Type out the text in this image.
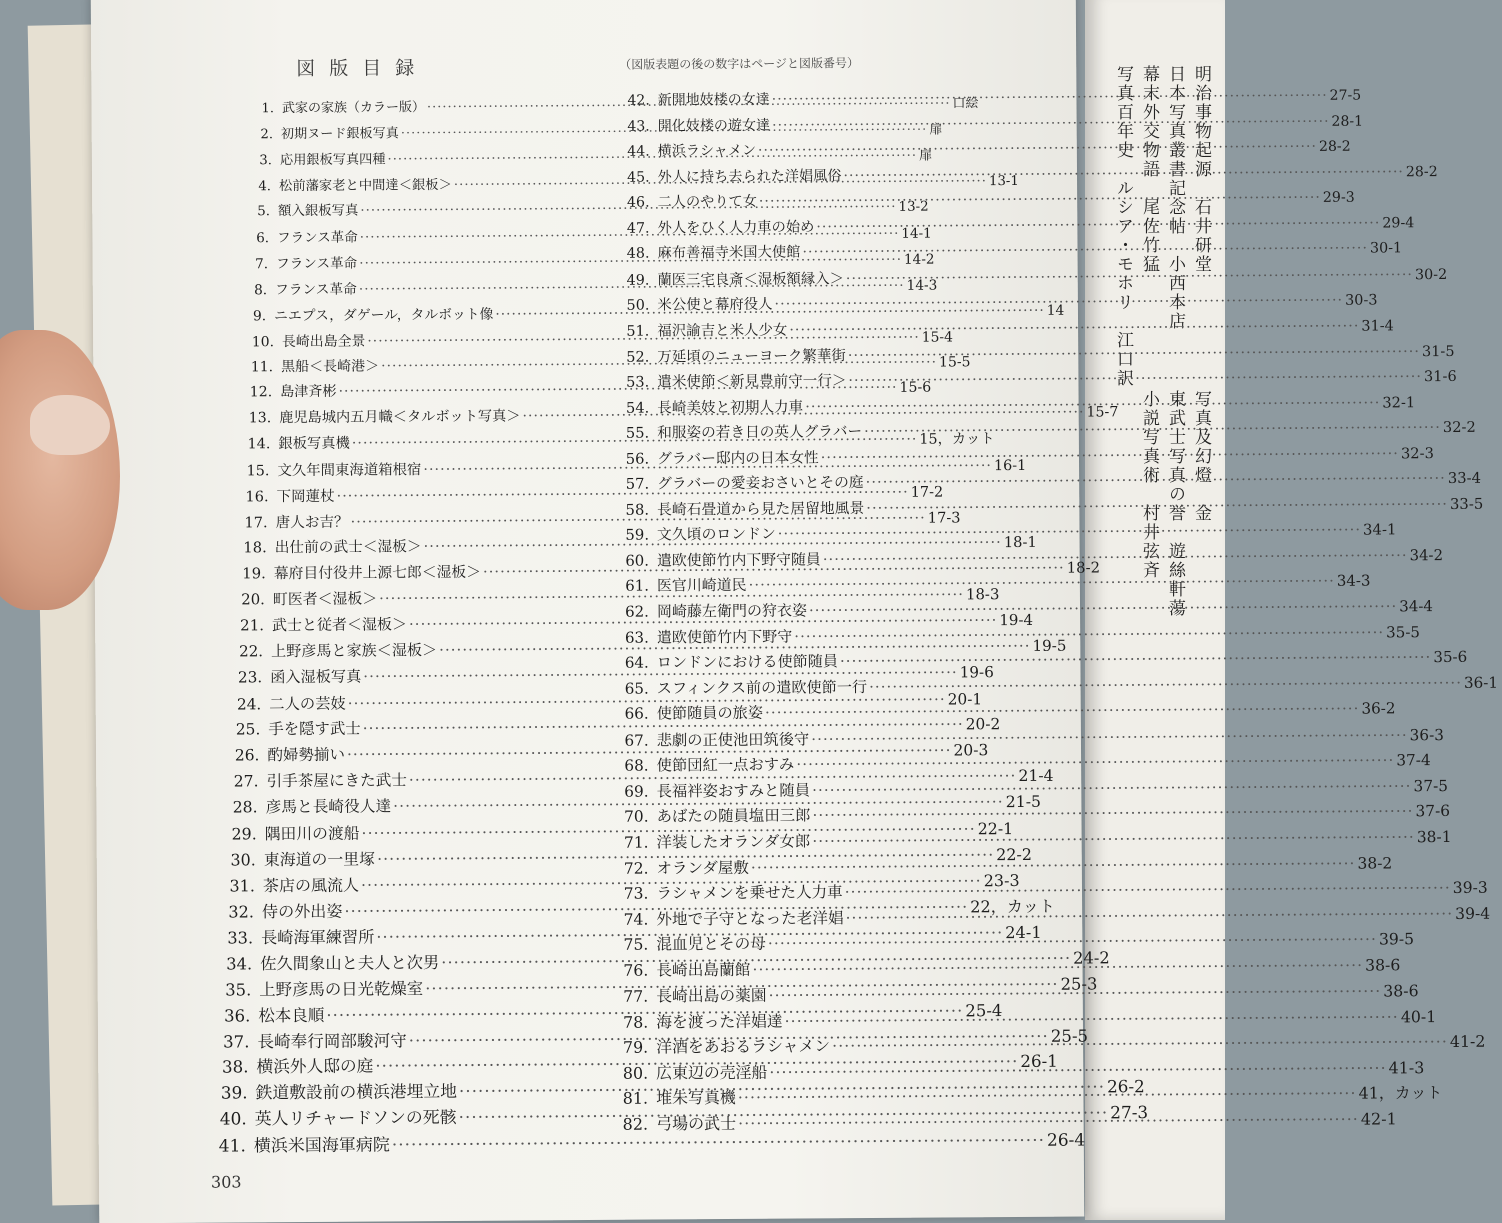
明治事物起源　石井研堂
日本写真叢書記念帖　小西本店
幕末外交物語　尾佐竹猛
写真百年史　ルシア・モホリ　江口訳
写真及幻燈　金
東武士写真の誉　遊絲軒蕩
小説写真術　村井弦斉
図版目録	（図版表題の後の数字はページと図版番号）
1. 武家の家族（カラー版） ·····	口絵
2. 初期ヌード銀板写真 ·····	扉
3. 応用銀板写真四種 ·····	扉
4. 松前藩家老と中間達＜銀板＞ ·····	13-1
5. 額入銀板写真 ·····	13-2
6. フランス革命 ·····	14-1
7. フランス革命 ·····	14-2
8. フランス革命 ·····	14-3
9. ニエプス，ダゲール，タルボット像 ·····	14
10. 長崎出島全景 ·····	15-4
11. 黒船＜長崎港＞ ·····	15-5
12. 島津斉彬 ·····	15-6
13. 鹿児島城内五月幟＜タルボット写真＞ ·····	15-7
14. 銀板写真機 ·····	15，カット
15. 文久年間東海道箱根宿 ·····	16-1
16. 下岡蓮杖 ·····	17-2
17. 唐人お吉？ ·····	17-3
18. 出仕前の武士＜湿板＞ ·····	18-1
19. 幕府目付役井上源七郎＜湿板＞ ·····	18-2
20. 町医者＜湿板＞ ·····	18-3
21. 武士と従者＜湿板＞ ·····	19-4
22. 上野彦馬と家族＜湿板＞ ·····	19-5
23. 函入湿板写真 ·····	19-6
24. 二人の芸妓 ·····	20-1
25. 手を隠す武士 ·····	20-2
26. 酌婦勢揃い ·····	20-3
27. 引手茶屋にきた武士 ·····	21-4
28. 彦馬と長崎役人達 ·····	21-5
29. 隅田川の渡船 ·····	22-1
30. 東海道の一里塚 ·····	22-2
31. 茶店の風流人 ·····	23-3
32. 侍の外出姿 ·····	22，カット
33. 長崎海軍練習所 ·····	24-1
34. 佐久間象山と夫人と次男 ·····	24-2
35. 上野彦馬の日光乾燥室 ·····	25-3
36. 松本良順 ·····	25-4
37. 長崎奉行岡部駿河守 ·····	25-5
38. 横浜外人邸の庭 ·····	26-1
39. 鉄道敷設前の横浜港埋立地 ·····	26-2
40. 英人リチャードソンの死骸 ·····	27-3
41. 横浜米国海軍病院 ·····	26-4
42. 新開地妓楼の女達 ·····	27-5
43. 開化妓楼の遊女達 ·····	28-1
44. 横浜ラシャメン ·····	28-2
45. 外人に持ち去られた洋娼風俗 ·····	28-2
46. 二人のやりて女 ·····	29-3
47. 外人をひく人力車の始め ·····	29-4
48. 麻布善福寺米国大使館 ·····	30-1
49. 蘭医三宅良斎＜湿板額縁入＞ ·····	30-2
50. 米公使と幕府役人 ·····	30-3
51. 福沢諭吉と米人少女 ·····	31-4
52. 万延頃のニューヨーク繁華街 ·····	31-5
53. 遣米使節＜新見豊前守一行＞ ·····	31-6
54. 長崎美妓と初期人力車 ·····	32-1
55. 和服姿の若き日の英人グラバー ·····	32-2
56. グラバー邸内の日本女性 ·····	32-3
57. グラバーの愛妾おさいとその庭 ·····	33-4
58. 長崎石畳道から見た居留地風景 ·····	33-5
59. 文久頃のロンドン ·····	34-1
60. 遣欧使節竹内下野守随員 ·····	34-2
61. 医官川崎道民 ·····	34-3
62. 岡崎藤左衛門の狩衣姿 ·····	34-4
63. 遣欧使節竹内下野守 ·····	35-5
64. ロンドンにおける使節随員 ·····	35-6
65. スフィンクス前の遣欧使節一行 ·····	36-1
66. 使節随員の旅姿 ·····	36-2
67. 悲劇の正使池田筑後守 ·····	36-3
68. 使節団紅一点おすみ ·····	37-4
69. 長福袢姿おすみと随員 ·····	37-5
70. あばたの随員塩田三郎 ·····	37-6
71. 洋装したオランダ女郎 ·····	38-1
72. オランダ屋敷 ·····	38-2
73. ラシャメンを乗せた人力車 ·····	39-3
74. 外地で子守となった老洋娼 ·····	39-4
75. 混血児とその母 ·····	39-5
76. 長崎出島蘭館 ·····	38-6
77. 長崎出島の薬園 ·····	38-6
78. 海を渡った洋娼達 ·····	40-1
79. 洋酒をあおるラシャメン ·····	41-2
80. 広東辺の売淫船 ·····	41-3
81. 堆朱写真機 ·····	41，カット
82. 弓場の武士 ·····	42-1
303
